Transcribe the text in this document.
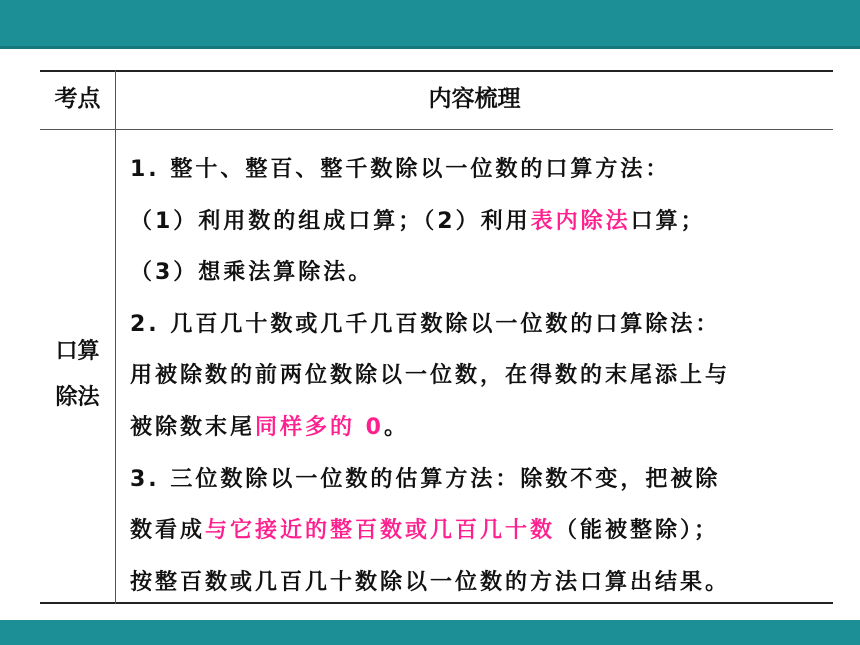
考点	内容梳理
口算
除法
1. 整十、整百、整千数除以一位数的口算方法：
（1）利用数的组成口算；（2）利用表内除法口算；
（3）想乘法算除法。
2. 几百几十数或几千几百数除以一位数的口算除法：
用被除数的前两位数除以一位数，在得数的末尾添上与
被除数末尾同样多的 0。
3. 三位数除以一位数的估算方法：除数不变，把被除
数看成与它接近的整百数或几百几十数（能被整除）；
按整百数或几百几十数除以一位数的方法口算出结果。
